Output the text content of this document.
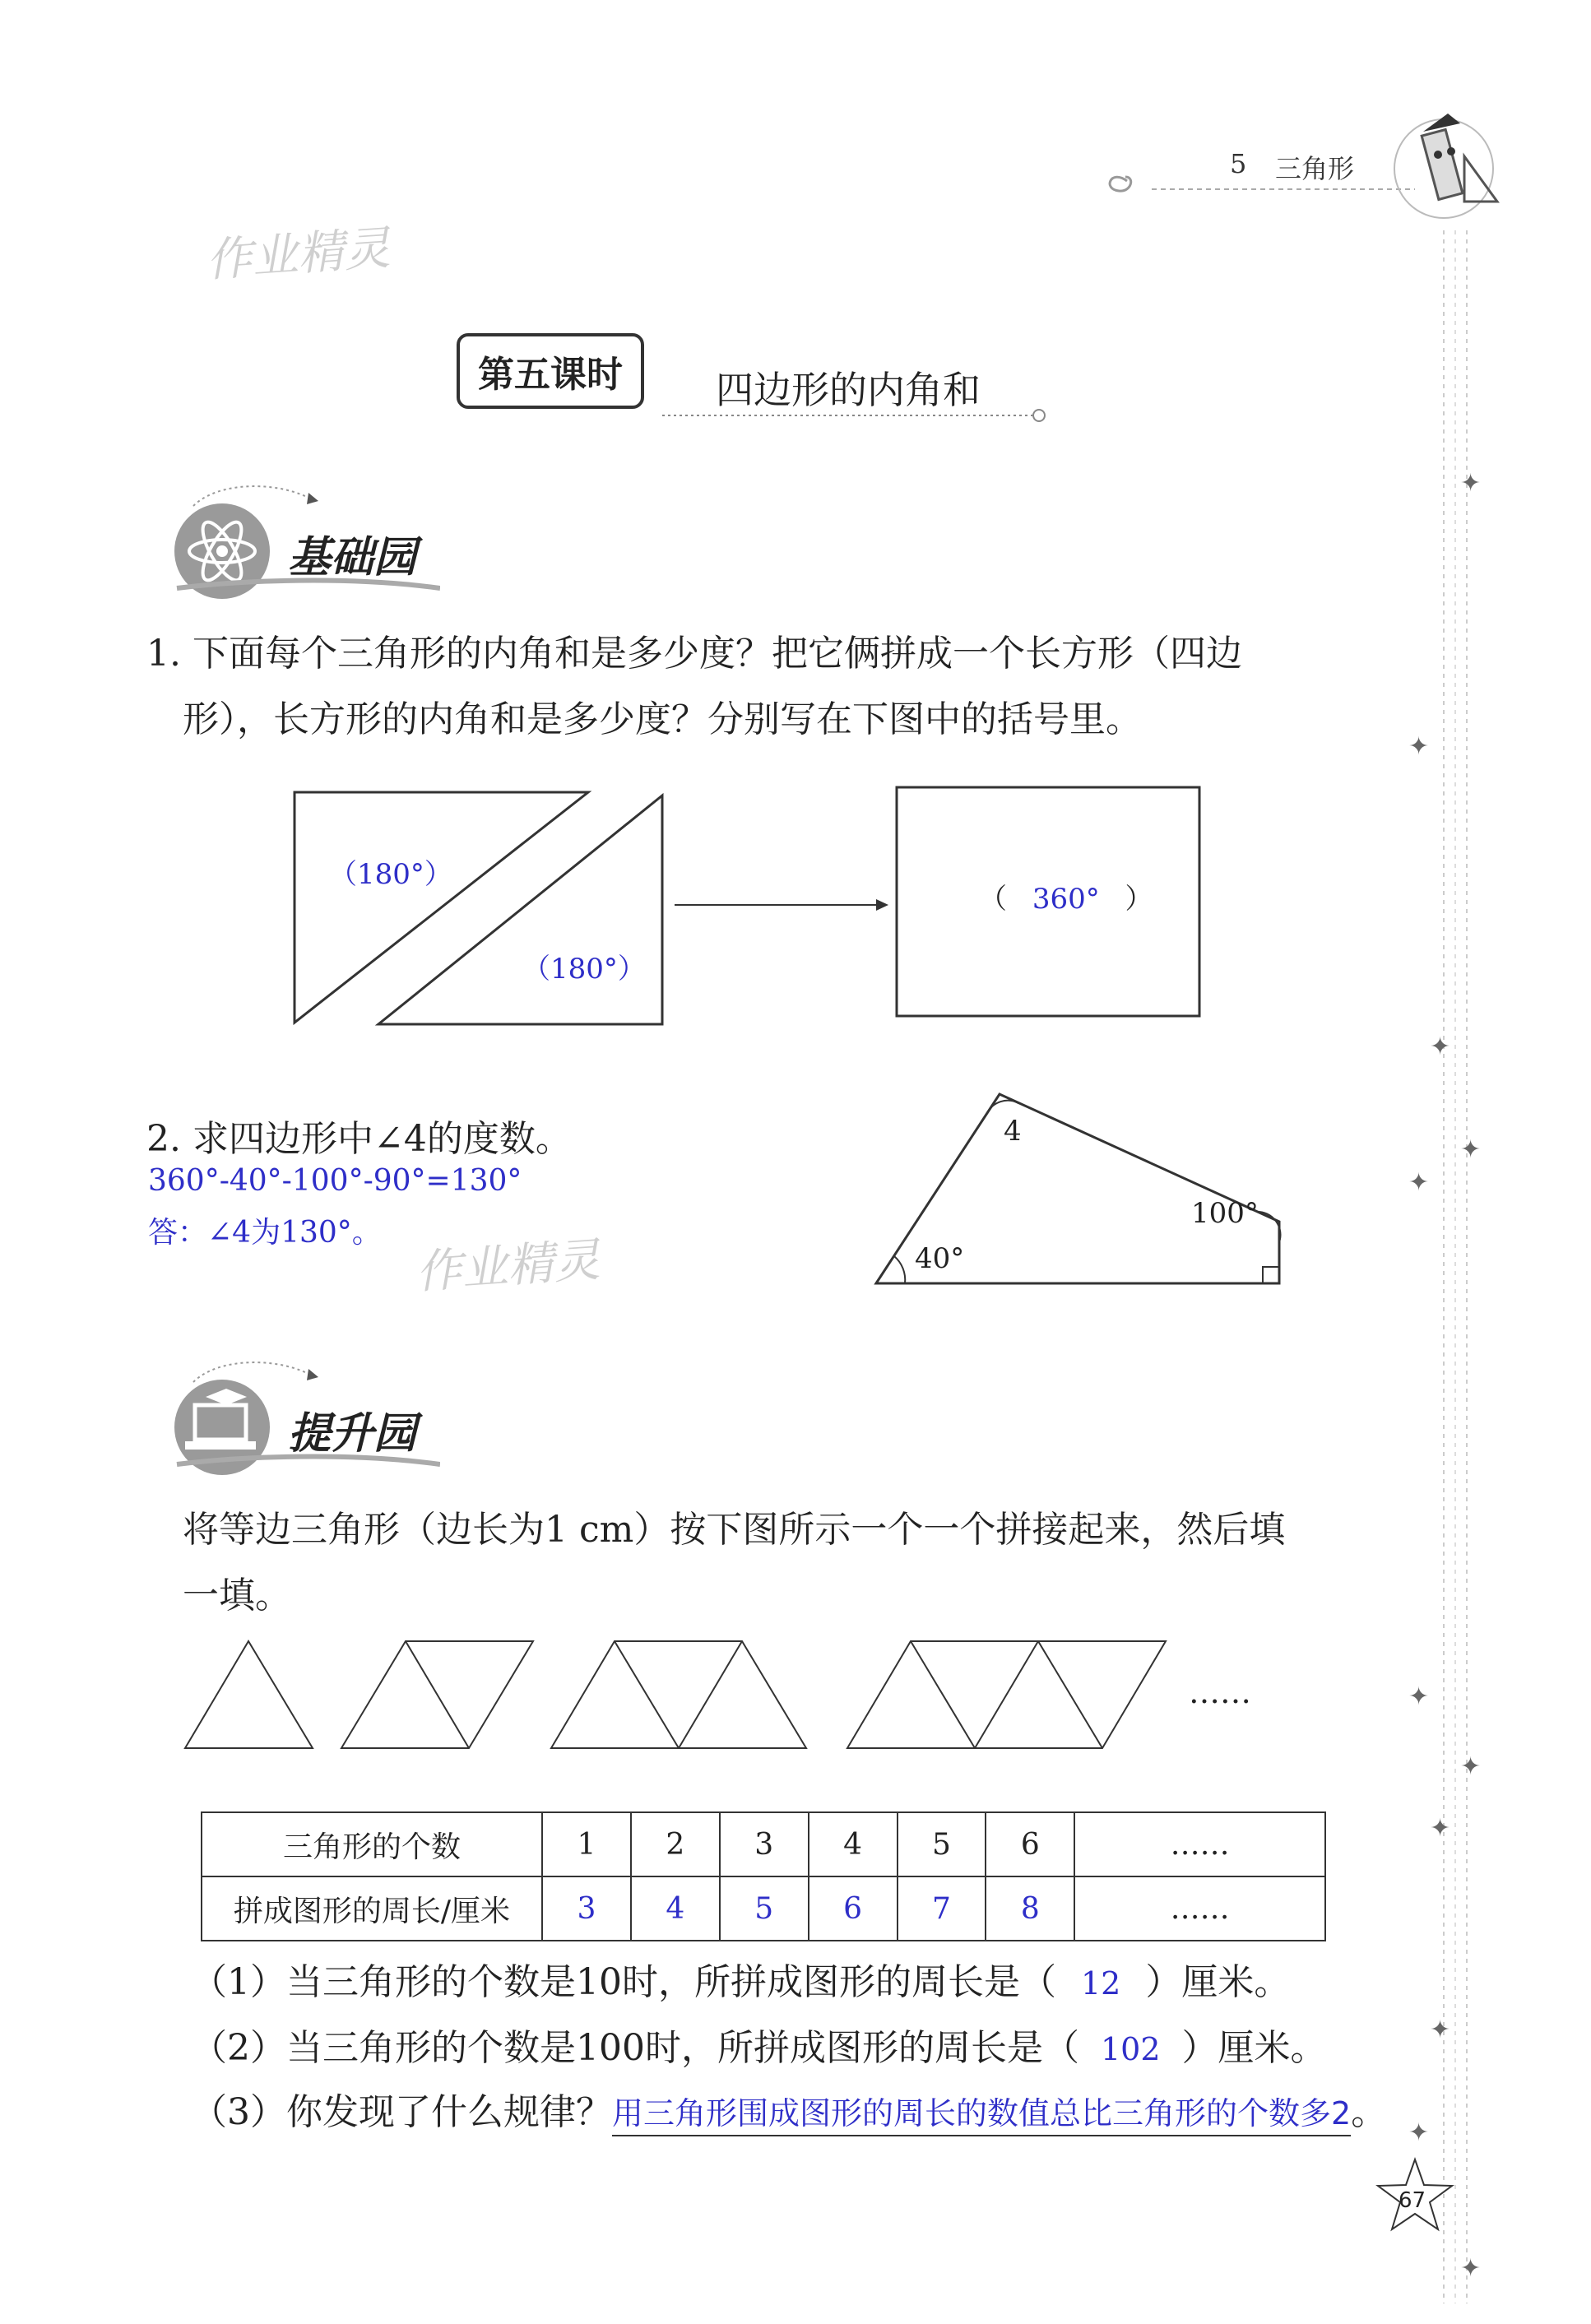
5 三角形
✦
✦
✦
✦
✦
✦
✦
✦
✦
✦
✦
作业精灵
第五课时	四边形的内角和
基础园
1. 下面每个三角形的内角和是多少度？把它俩拼成一个长方形（四边
形），长方形的内角和是多少度？分别写在下图中的括号里。
（180°）
（180°）
（ 360° ）
2. 求四边形中∠4的度数。
360°-40°-100°-90°=130°
答：∠4为130°。
作业精灵
4
100°
40°
提升园
将等边三角形（边长为1 cm）按下图所示一个一个拼接起来，然后填
一填。
……
三角形的个数	1	2	3	4	5	6	……
拼成图形的周长/厘米	3	4	5	6	7	8	……
（1）当三角形的个数是10时，所拼成图形的周长是（ 12 ）厘米。
（2）当三角形的个数是100时，所拼成图形的周长是（ 102 ）厘米。
（3）你发现了什么规律？用三角形围成图形的周长的数值总比三角形的个数多2。
67
